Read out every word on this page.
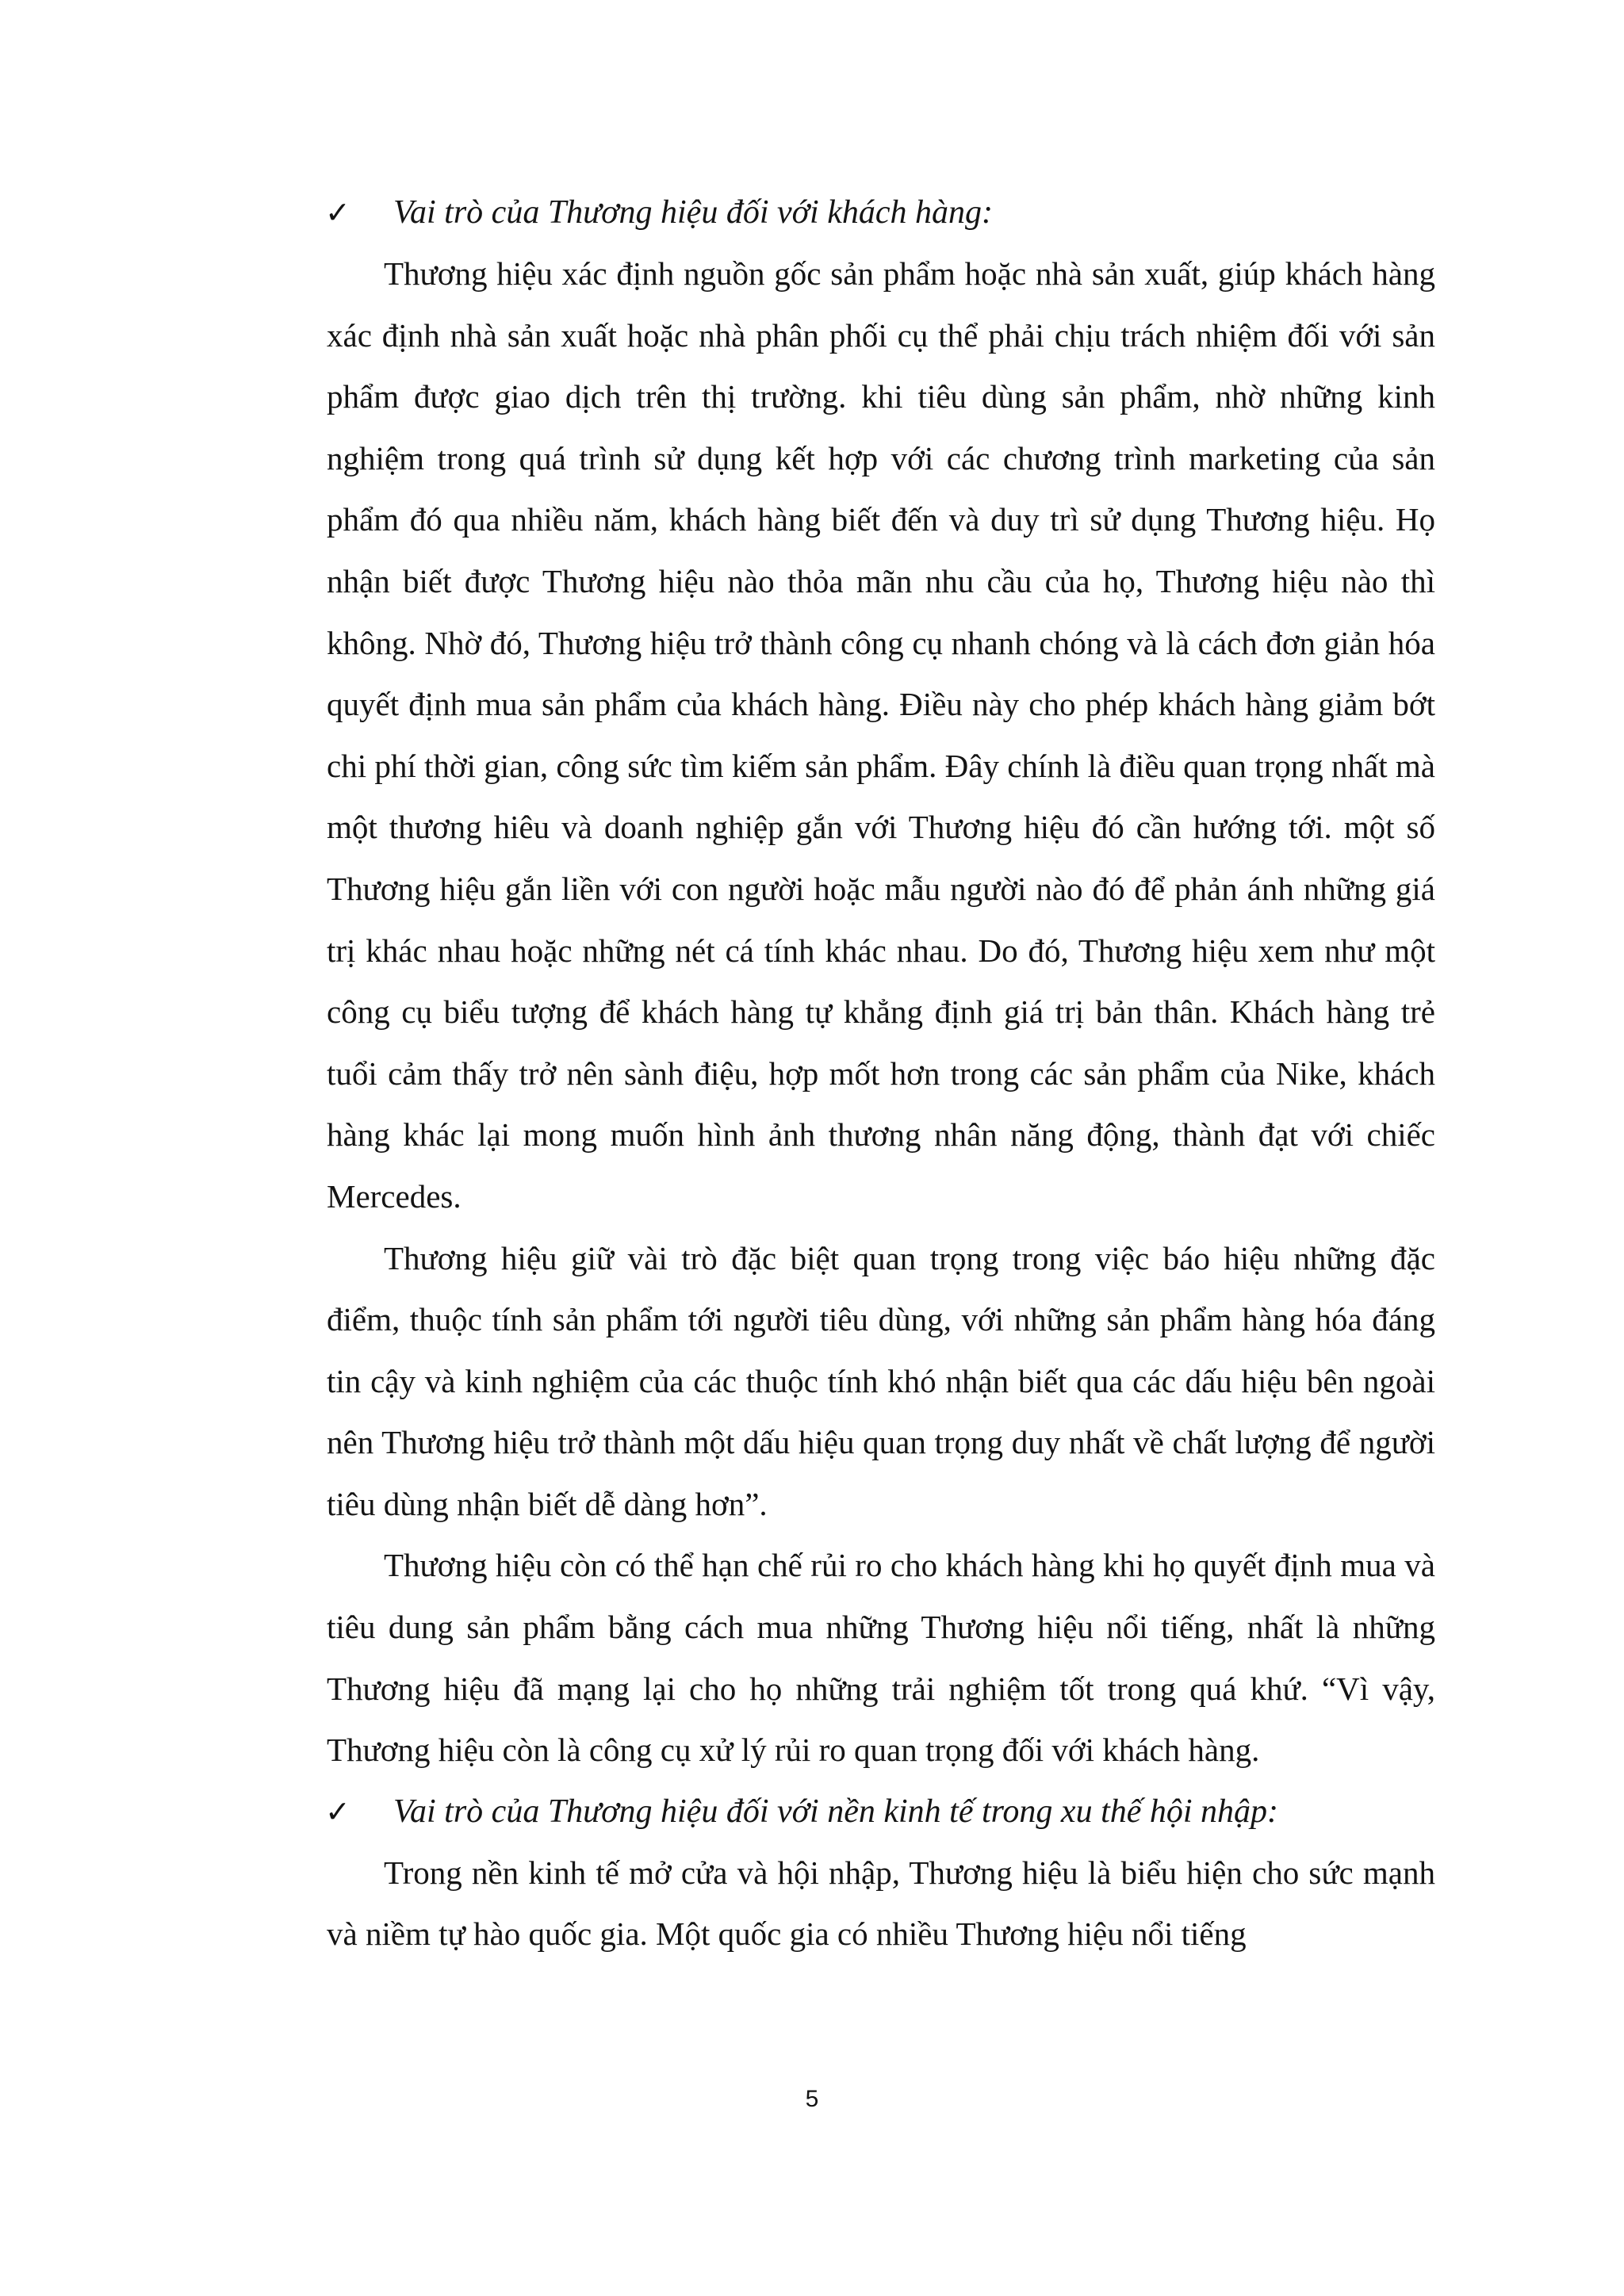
✓ Vai trò của Thương hiệu đối với khách hàng:

Thương hiệu xác định nguồn gốc sản phẩm hoặc nhà sản xuất, giúp khách hàng xác định nhà sản xuất hoặc nhà phân phối cụ thể phải chịu trách nhiệm đối với sản phẩm được giao dịch trên thị trường. khi tiêu dùng sản phẩm, nhờ những kinh nghiệm trong quá trình sử dụng kết hợp với các chương trình marketing của sản phẩm đó qua nhiều năm, khách hàng biết đến và duy trì sử dụng Thương hiệu. Họ nhận biết được Thương hiệu nào thỏa mãn nhu cầu của họ, Thương hiệu nào thì không. Nhờ đó, Thương hiệu trở thành công cụ nhanh chóng và là cách đơn giản hóa quyết định mua sản phẩm của khách hàng. Điều này cho phép khách hàng giảm bớt chi phí thời gian, công sức tìm kiếm sản phẩm. Đây chính là điều quan trọng nhất mà một thương hiêu và doanh nghiệp gắn với Thương hiệu đó cần hướng tới. một số Thương hiệu gắn liền với con người hoặc mẫu người nào đó để phản ánh những giá trị khác nhau hoặc những nét cá tính khác nhau. Do đó, Thương hiệu xem như một công cụ biểu tượng để khách hàng tự khẳng định giá trị bản thân. Khách hàng trẻ tuổi cảm thấy trở nên sành điệu, hợp mốt hơn trong các sản phẩm của Nike, khách hàng khác lại mong muốn hình ảnh thương nhân năng động, thành đạt với chiếc Mercedes.

Thương hiệu giữ vài trò đặc biệt quan trọng trong việc báo hiệu những đặc điểm, thuộc tính sản phẩm tới người tiêu dùng, với những sản phẩm hàng hóa đáng tin cậy và kinh nghiệm của các thuộc tính khó nhận biết qua các dấu hiệu bên ngoài nên Thương hiệu trở thành một dấu hiệu quan trọng duy nhất về chất lượng để người tiêu dùng nhận biết dễ dàng hơn”.

Thương hiệu còn có thể hạn chế rủi ro cho khách hàng khi họ quyết định mua và tiêu dung sản phẩm bằng cách mua những Thương hiệu nổi tiếng, nhất là những Thương hiệu đã mạng lại cho họ những trải nghiệm tốt trong quá khứ. “Vì vậy, Thương hiệu còn là công cụ xử lý rủi ro quan trọng đối với khách hàng.

✓ Vai trò của Thương hiệu đối với nền kinh tế trong xu thế hội nhập:

Trong nền kinh tế mở cửa và hội nhập, Thương hiệu là biểu hiện cho sức mạnh và niềm tự hào quốc gia. Một quốc gia có nhiều Thương hiệu nổi tiếng

5
